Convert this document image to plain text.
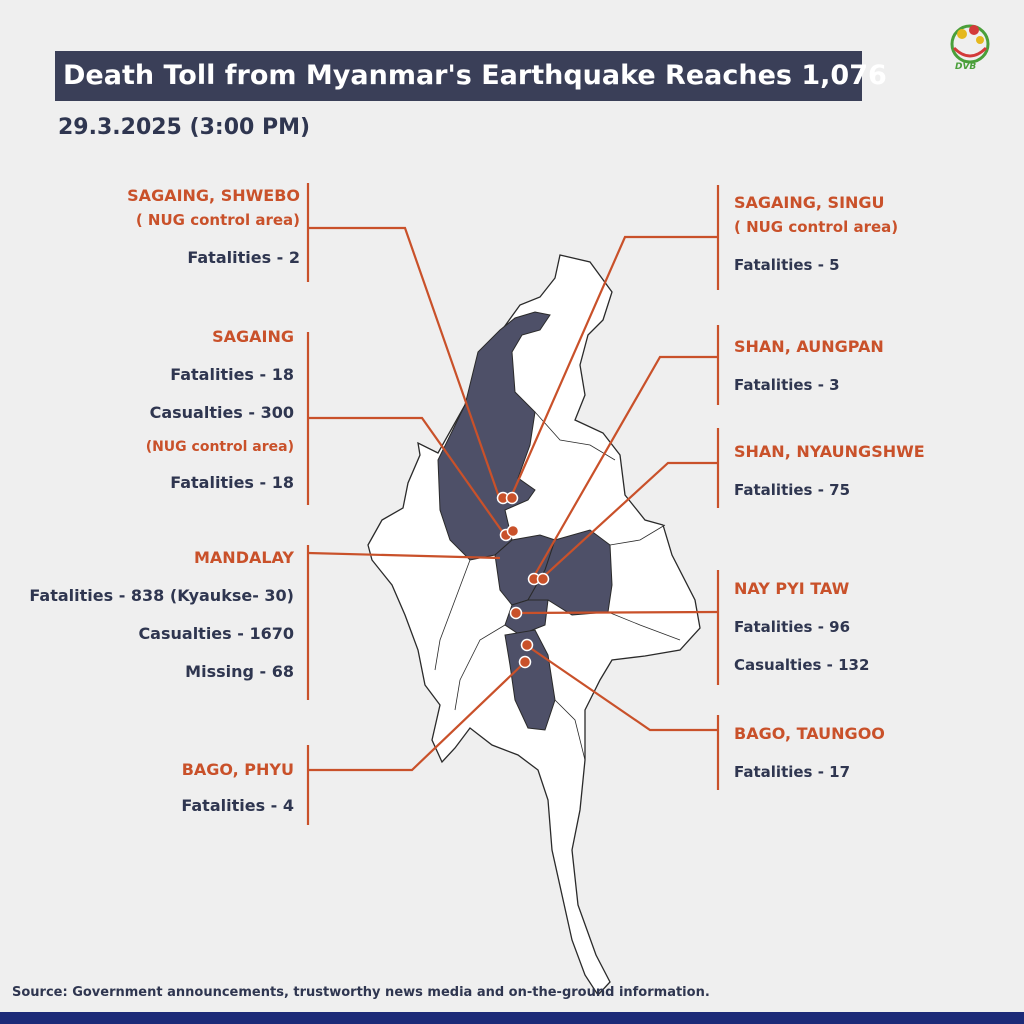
Death Toll from Myanmar's Earthquake Reaches 1,076
29.3.2025 (3:00 PM)
DVB
SAGAING, SHWEBO
( NUG control area)
Fatalities - 2
SAGAING
Fatalities - 18
Casualties - 300
(NUG control area)
Fatalities - 18
MANDALAY
Fatalities - 838 (Kyaukse- 30)
Casualties - 1670
Missing - 68
BAGO, PHYU
Fatalities - 4
SAGAING, SINGU
( NUG control area)
Fatalities - 5
SHAN, AUNGPAN
Fatalities - 3
SHAN, NYAUNGSHWE
Fatalities - 75
NAY PYI TAW
Fatalities - 96
Casualties - 132
BAGO, TAUNGOO
Fatalities - 17
Source: Government announcements, trustworthy news media and on-the-ground information.
